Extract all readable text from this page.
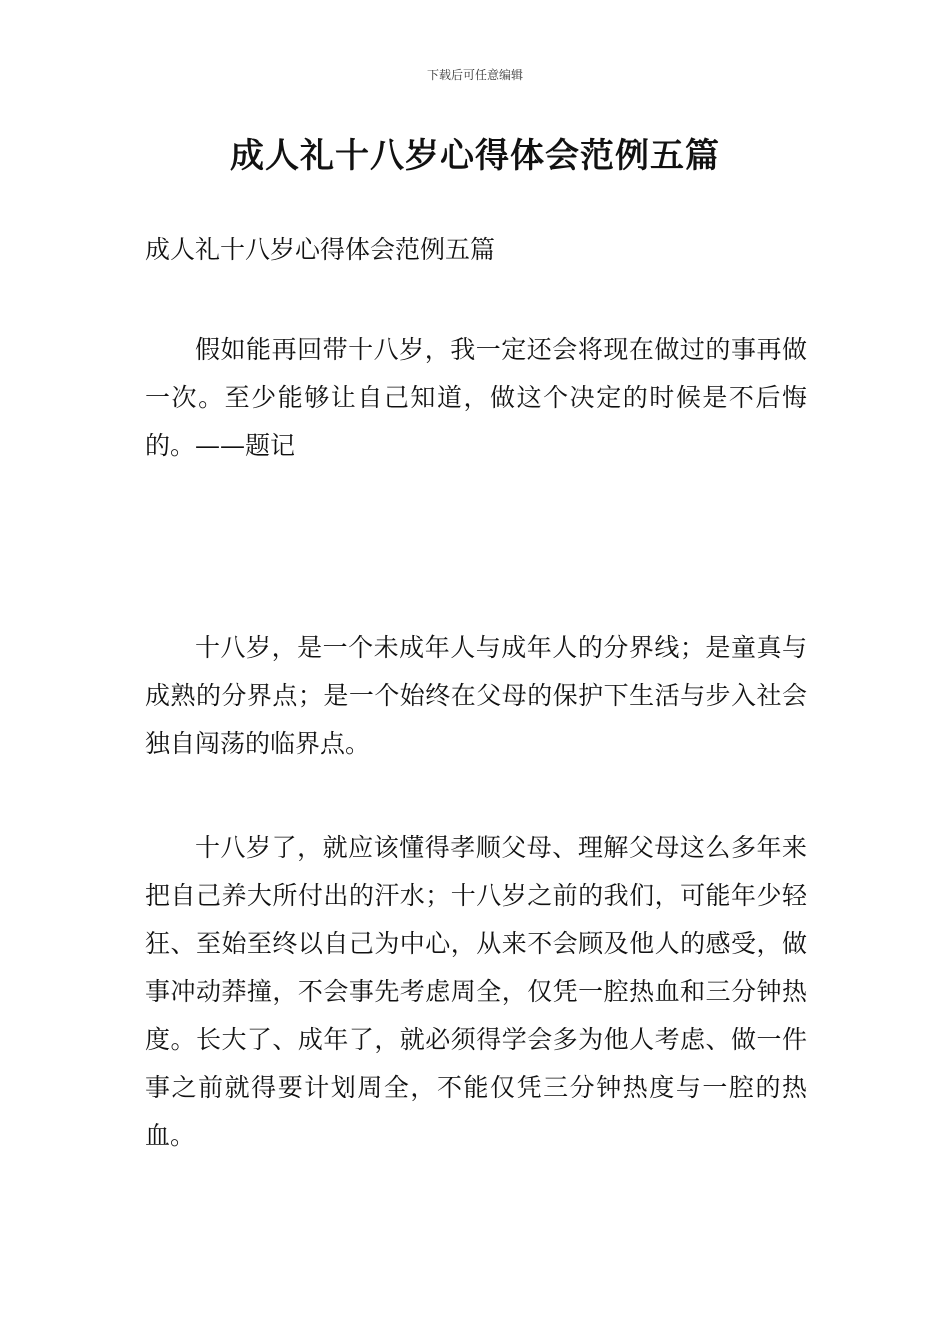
下载后可任意编辑
成人礼十八岁心得体会范例五篇
成人礼十八岁心得体会范例五篇

假如能再回带十八岁，我一定还会将现在做过的事再做一次。至少能够让自己知道，做这个决定的时候是不后悔的。——题记

十八岁，是一个未成年人与成年人的分界线；是童真与成熟的分界点；是一个始终在父母的保护下生活与步入社会独自闯荡的临界点。

十八岁了，就应该懂得孝顺父母、理解父母这么多年来把自己养大所付出的汗水；十八岁之前的我们，可能年少轻狂、至始至终以自己为中心，从来不会顾及他人的感受，做事冲动莽撞，不会事先考虑周全，仅凭一腔热血和三分钟热度。长大了、成年了，就必须得学会多为他人考虑、做一件事之前就得要计划周全，不能仅凭三分钟热度与一腔的热血。
